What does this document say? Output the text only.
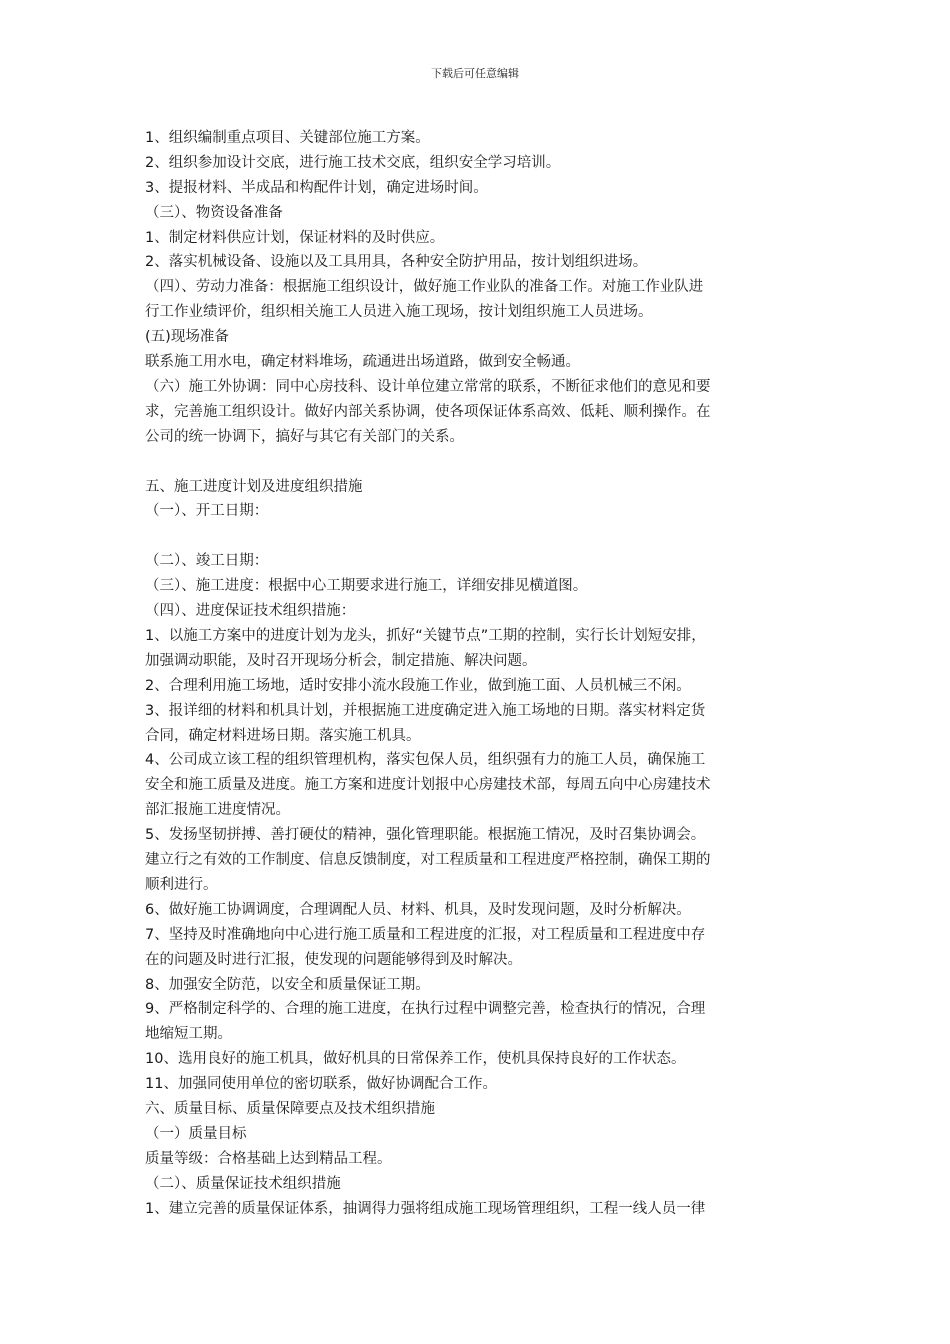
下载后可任意编辑
1、组织编制重点项目、关键部位施工方案。
2、组织参加设计交底，进行施工技术交底，组织安全学习培训。
3、提报材料、半成品和构配件计划，确定进场时间。
（三）、物资设备准备
1、制定材料供应计划，保证材料的及时供应。
2、落实机械设备、设施以及工具用具，各种安全防护用品，按计划组织进场。
（四）、劳动力准备：根据施工组织设计，做好施工作业队的准备工作。对施工作业队进
行工作业绩评价，组织相关施工人员进入施工现场，按计划组织施工人员进场。
(五)现场准备
联系施工用水电，确定材料堆场，疏通进出场道路，做到安全畅通。
（六）施工外协调：同中心房技科、设计单位建立常常的联系，不断征求他们的意见和要
求，完善施工组织设计。做好内部关系协调，使各项保证体系高效、低耗、顺利操作。在
公司的统一协调下，搞好与其它有关部门的关系。
五、施工进度计划及进度组织措施
（一）、开工日期：
（二）、竣工日期：
（三）、施工进度：根据中心工期要求进行施工，详细安排见横道图。
（四）、进度保证技术组织措施：
1、以施工方案中的进度计划为龙头，抓好“关键节点”工期的控制，实行长计划短安排，
加强调动职能，及时召开现场分析会，制定措施、解决问题。
2、合理利用施工场地，适时安排小流水段施工作业，做到施工面、人员机械三不闲。
3、报详细的材料和机具计划，并根据施工进度确定进入施工场地的日期。落实材料定货
合同，确定材料进场日期。落实施工机具。
4、公司成立该工程的组织管理机构，落实包保人员，组织强有力的施工人员，确保施工
安全和施工质量及进度。施工方案和进度计划报中心房建技术部，每周五向中心房建技术
部汇报施工进度情况。
5、发扬坚韧拼搏、善打硬仗的精神，强化管理职能。根据施工情况，及时召集协调会。
建立行之有效的工作制度、信息反馈制度，对工程质量和工程进度严格控制，确保工期的
顺利进行。
6、做好施工协调调度，合理调配人员、材料、机具，及时发现问题，及时分析解决。
7、坚持及时准确地向中心进行施工质量和工程进度的汇报，对工程质量和工程进度中存
在的问题及时进行汇报，使发现的问题能够得到及时解决。
8、加强安全防范，以安全和质量保证工期。
9、严格制定科学的、合理的施工进度，在执行过程中调整完善，检查执行的情况，合理
地缩短工期。
10、选用良好的施工机具，做好机具的日常保养工作，使机具保持良好的工作状态。
11、加强同使用单位的密切联系，做好协调配合工作。
六、质量目标、质量保障要点及技术组织措施
（一）质量目标
质量等级：合格基础上达到精品工程。
（二）、质量保证技术组织措施
1、建立完善的质量保证体系，抽调得力强将组成施工现场管理组织，工程一线人员一律
